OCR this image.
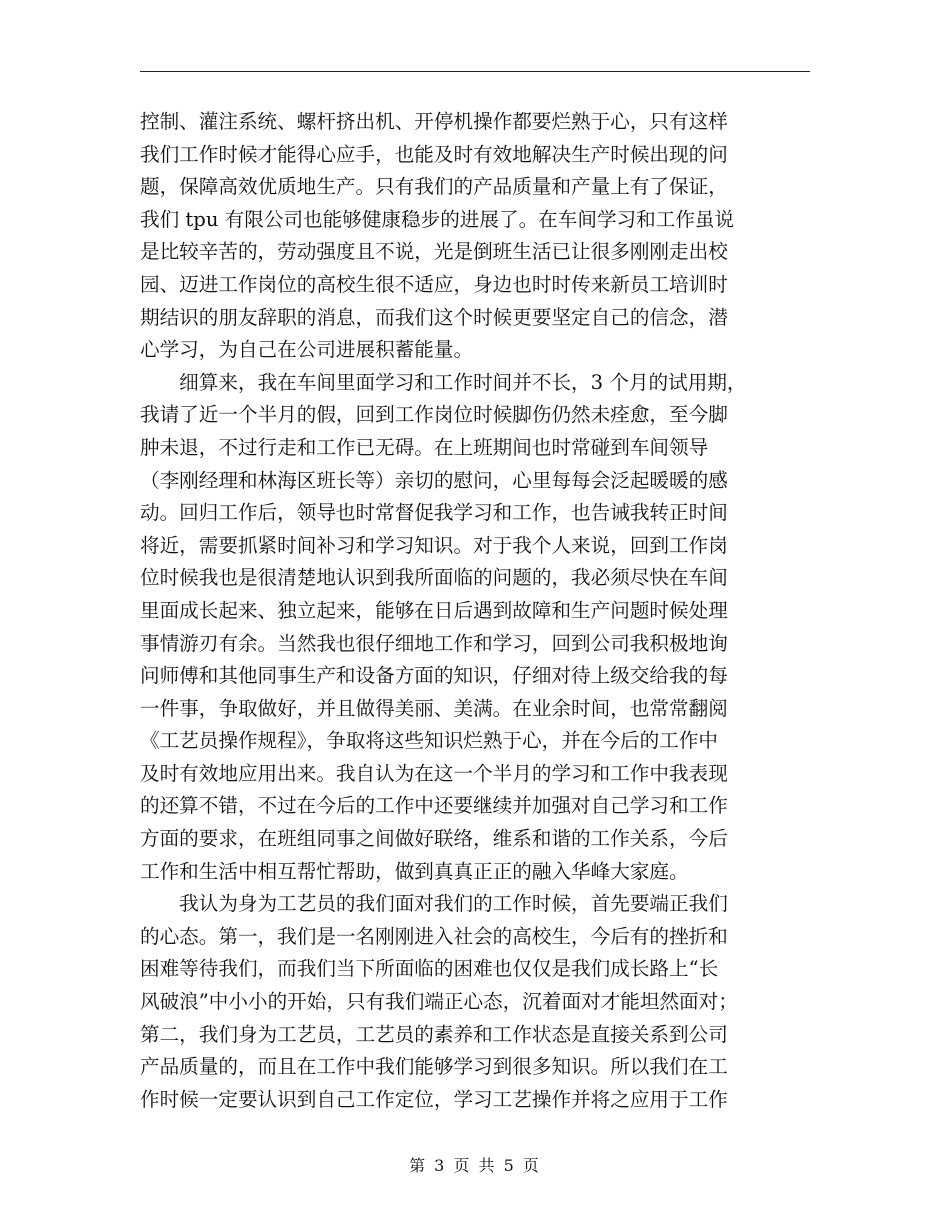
控制、灌注系统、螺杆挤出机、开停机操作都要烂熟于心，只有这样
我们工作时候才能得心应手，也能及时有效地解决生产时候出现的问
题，保障高效优质地生产。只有我们的产品质量和产量上有了保证，
我们 tpu 有限公司也能够健康稳步的进展了。在车间学习和工作虽说
是比较辛苦的，劳动强度且不说，光是倒班生活已让很多刚刚走出校
园、迈进工作岗位的高校生很不适应，身边也时时传来新员工培训时
期结识的朋友辞职的消息，而我们这个时候更要坚定自己的信念，潜
心学习，为自己在公司进展积蓄能量。
　　细算来，我在车间里面学习和工作时间并不长，3 个月的试用期，
我请了近一个半月的假，回到工作岗位时候脚伤仍然未痊愈，至今脚
肿未退，不过行走和工作已无碍。在上班期间也时常碰到车间领导
（李刚经理和林海区班长等）亲切的慰问，心里每每会泛起暖暖的感
动。回归工作后，领导也时常督促我学习和工作，也告诫我转正时间
将近，需要抓紧时间补习和学习知识。对于我个人来说，回到工作岗
位时候我也是很清楚地认识到我所面临的问题的，我必须尽快在车间
里面成长起来、独立起来，能够在日后遇到故障和生产问题时候处理
事情游刃有余。当然我也很仔细地工作和学习，回到公司我积极地询
问师傅和其他同事生产和设备方面的知识，仔细对待上级交给我的每
一件事，争取做好，并且做得美丽、美满。在业余时间，也常常翻阅
《工艺员操作规程》，争取将这些知识烂熟于心，并在今后的工作中
及时有效地应用出来。我自认为在这一个半月的学习和工作中我表现
的还算不错，不过在今后的工作中还要继续并加强对自己学习和工作
方面的要求，在班组同事之间做好联络，维系和谐的工作关系，今后
工作和生活中相互帮忙帮助，做到真真正正的融入华峰大家庭。
　　我认为身为工艺员的我们面对我们的工作时候，首先要端正我们
的心态。第一，我们是一名刚刚进入社会的高校生，今后有的挫折和
困难等待我们，而我们当下所面临的困难也仅仅是我们成长路上“长
风破浪”中小小的开始，只有我们端正心态，沉着面对才能坦然面对；
第二，我们身为工艺员，工艺员的素养和工作状态是直接关系到公司
产品质量的，而且在工作中我们能够学习到很多知识。所以我们在工
作时候一定要认识到自己工作定位，学习工艺操作并将之应用于工作
第 3 页 共 5 页
